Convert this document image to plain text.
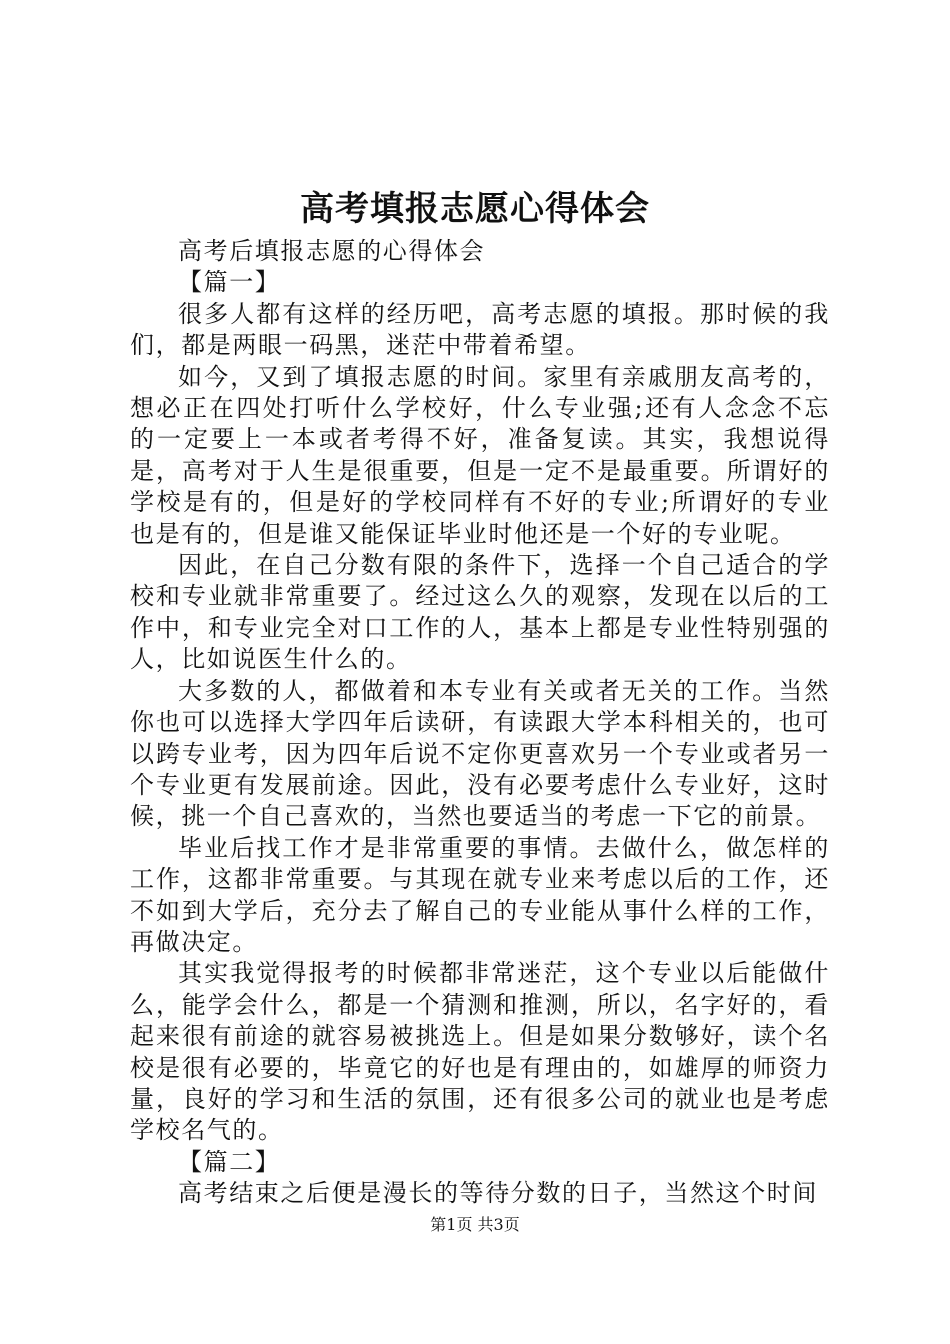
高考填报志愿心得体会

高考后填报志愿的心得体会

【篇一】

很多人都有这样的经历吧，高考志愿的填报。那时候的我们，都是两眼一码黑，迷茫中带着希望。

如今，又到了填报志愿的时间。家里有亲戚朋友高考的，想必正在四处打听什么学校好，什么专业强;还有人念念不忘的一定要上一本或者考得不好，准备复读。其实，我想说得是，高考对于人生是很重要，但是一定不是最重要。所谓好的学校是有的，但是好的学校同样有不好的专业;所谓好的专业也是有的，但是谁又能保证毕业时他还是一个好的专业呢。

因此，在自己分数有限的条件下，选择一个自己适合的学校和专业就非常重要了。经过这么久的观察，发现在以后的工作中，和专业完全对口工作的人，基本上都是专业性特别强的人，比如说医生什么的。

大多数的人，都做着和本专业有关或者无关的工作。当然你也可以选择大学四年后读研，有读跟大学本科相关的，也可以跨专业考，因为四年后说不定你更喜欢另一个专业或者另一个专业更有发展前途。因此，没有必要考虑什么专业好，这时候，挑一个自己喜欢的，当然也要适当的考虑一下它的前景。

毕业后找工作才是非常重要的事情。去做什么，做怎样的工作，这都非常重要。与其现在就专业来考虑以后的工作，还不如到大学后，充分去了解自己的专业能从事什么样的工作，再做决定。

其实我觉得报考的时候都非常迷茫，这个专业以后能做什么，能学会什么，都是一个猜测和推测，所以，名字好的，看起来很有前途的就容易被挑选上。但是如果分数够好，读个名校是很有必要的，毕竟它的好也是有理由的，如雄厚的师资力量，良好的学习和生活的氛围，还有很多公司的就业也是考虑学校名气的。

【篇二】

高考结束之后便是漫长的等待分数的日子，当然这个时间

第1页 共3页
